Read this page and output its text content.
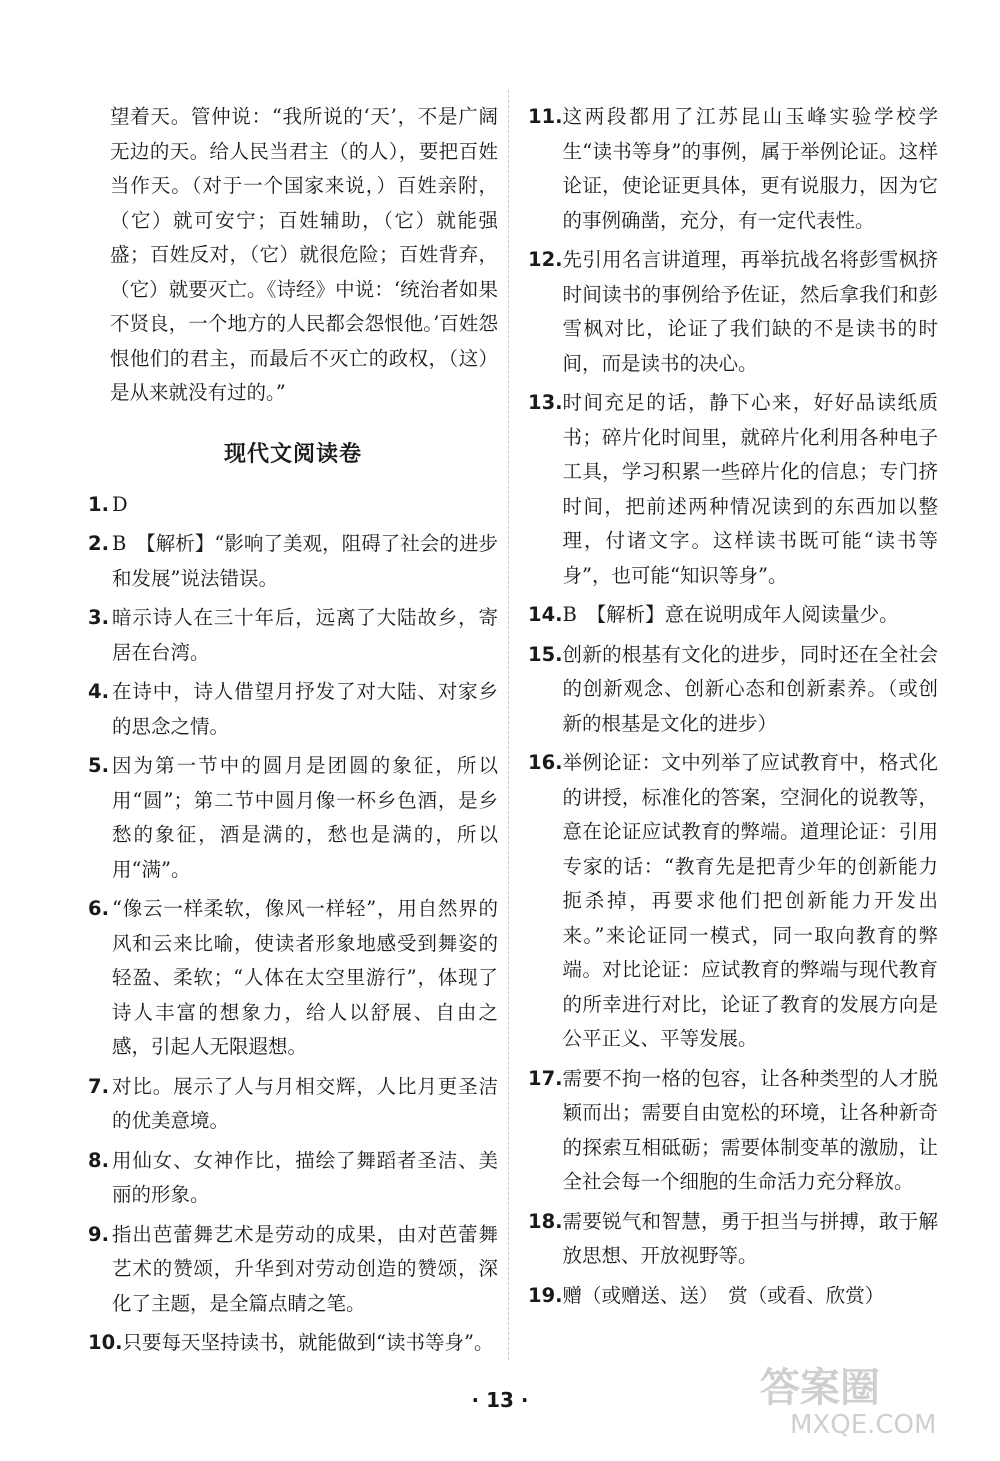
望着天。管仲说：“我所说的‘天’，不是广阔无边的天。给人民当君主（的人），要把百姓当作天。（对于一个国家来说，）百姓亲附，（它）就可安宁；百姓辅助，（它）就能强盛；百姓反对，（它）就很危险；百姓背弃，（它）就要灭亡。《诗经》中说：‘统治者如果不贤良，一个地方的人民都会怨恨他。’百姓怨恨他们的君主，而最后不灭亡的政权，（这）是从来就没有过的。”

现代文阅读卷
1. D
2. B　【解析】“影响了美观，阻碍了社会的进步和发展”说法错误。
3. 暗示诗人在三十年后，远离了大陆故乡，寄居在台湾。
4. 在诗中，诗人借望月抒发了对大陆、对家乡的思念之情。
5. 因为第一节中的圆月是团圆的象征，所以用“圆”；第二节中圆月像一杯乡色酒，是乡愁的象征，酒是满的，愁也是满的，所以用“满”。
6. “像云一样柔软，像风一样轻”，用自然界的风和云来比喻，使读者形象地感受到舞姿的轻盈、柔软；“人体在太空里游行”，体现了诗人丰富的想象力，给人以舒展、自由之感，引起人无限遐想。
7. 对比。展示了人与月相交辉，人比月更圣洁的优美意境。
8. 用仙女、女神作比，描绘了舞蹈者圣洁、美丽的形象。
9. 指出芭蕾舞艺术是劳动的成果，由对芭蕾舞艺术的赞颂，升华到对劳动创造的赞颂，深化了主题，是全篇点睛之笔。
10. 只要每天坚持读书，就能做到“读书等身”。
11. 这两段都用了江苏昆山玉峰实验学校学生“读书等身”的事例，属于举例论证。这样论证，使论证更具体，更有说服力，因为它的事例确凿，充分，有一定代表性。
12. 先引用名言讲道理，再举抗战名将彭雪枫挤时间读书的事例给予佐证，然后拿我们和彭雪枫对比，论证了我们缺的不是读书的时间，而是读书的决心。
13. 时间充足的话，静下心来，好好品读纸质书；碎片化时间里，就碎片化利用各种电子工具，学习积累一些碎片化的信息；专门挤时间，把前述两种情况读到的东西加以整理，付诸文字。这样读书既可能“读书等身”，也可能“知识等身”。
14. B　【解析】意在说明成年人阅读量少。
15. 创新的根基有文化的进步，同时还在全社会的创新观念、创新心态和创新素养。（或创新的根基是文化的进步）
16. 举例论证：文中列举了应试教育中，格式化的讲授，标准化的答案，空洞化的说教等，意在论证应试教育的弊端。道理论证：引用专家的话：“教育先是把青少年的创新能力扼杀掉，再要求他们把创新能力开发出来。”来论证同一模式，同一取向教育的弊端。对比论证：应试教育的弊端与现代教育的所幸进行对比，论证了教育的发展方向是公平正义、平等发展。
17. 需要不拘一格的包容，让各种类型的人才脱颖而出；需要自由宽松的环境，让各种新奇的探索互相砥砺；需要体制变革的激励，让全社会每一个细胞的生命活力充分释放。
18. 需要锐气和智慧，勇于担当与拼搏，敢于解放思想、开放视野等。
19. 赠（或赠送、送）　赏（或看、欣赏）
· 13 ·	答案圈
MXQE.COM
